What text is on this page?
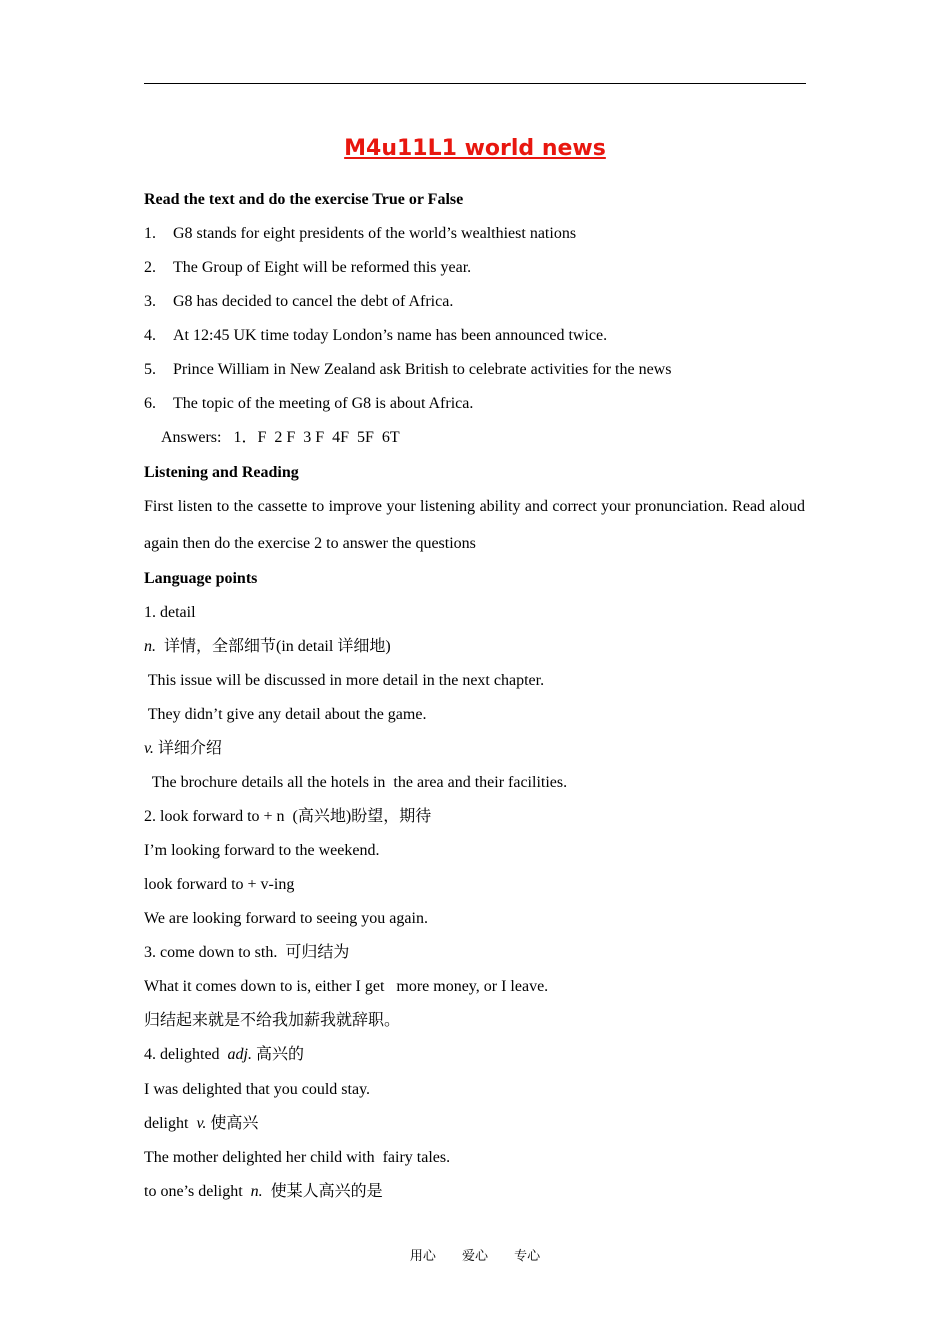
M4u11L1 world news

Read the text and do the exercise True or False

1. G8 stands for eight presidents of the world’s wealthiest nations

2. The Group of Eight will be reformed this year.

3. G8 has decided to cancel the debt of Africa.

4. At 12:45 UK time today London’s name has been announced twice.

5. Prince William in New Zealand ask British to celebrate activities for the news

6. The topic of the meeting of G8 is about Africa.

Answers:   1．F  2 F  3 F  4F  5F  6T

Listening and Reading

First listen to the cassette to improve your listening ability and correct your pronunciation. Read aloud again then do the exercise 2 to answer the questions

Language points

1. detail

n.  详情，全部细节(in detail 详细地)

This issue will be discussed in more detail in the next chapter.

They didn’t give any detail about the game.

v. 详细介绍

The brochure details all the hotels in  the area and their facilities.

2. look forward to + n  (高兴地)盼望，期待

I’m looking forward to the weekend.

look forward to + v-ing

We are looking forward to seeing you again.

3. come down to sth.  可归结为

What it comes down to is, either I get   more money, or I leave.

归结起来就是不给我加薪我就辞职。

4. delighted  adj. 高兴的

I was delighted that you could stay.

delight  v. 使高兴

The mother delighted her child with  fairy tales.

to one’s delight  n.  使某人高兴的是

用心 爱心 专心
